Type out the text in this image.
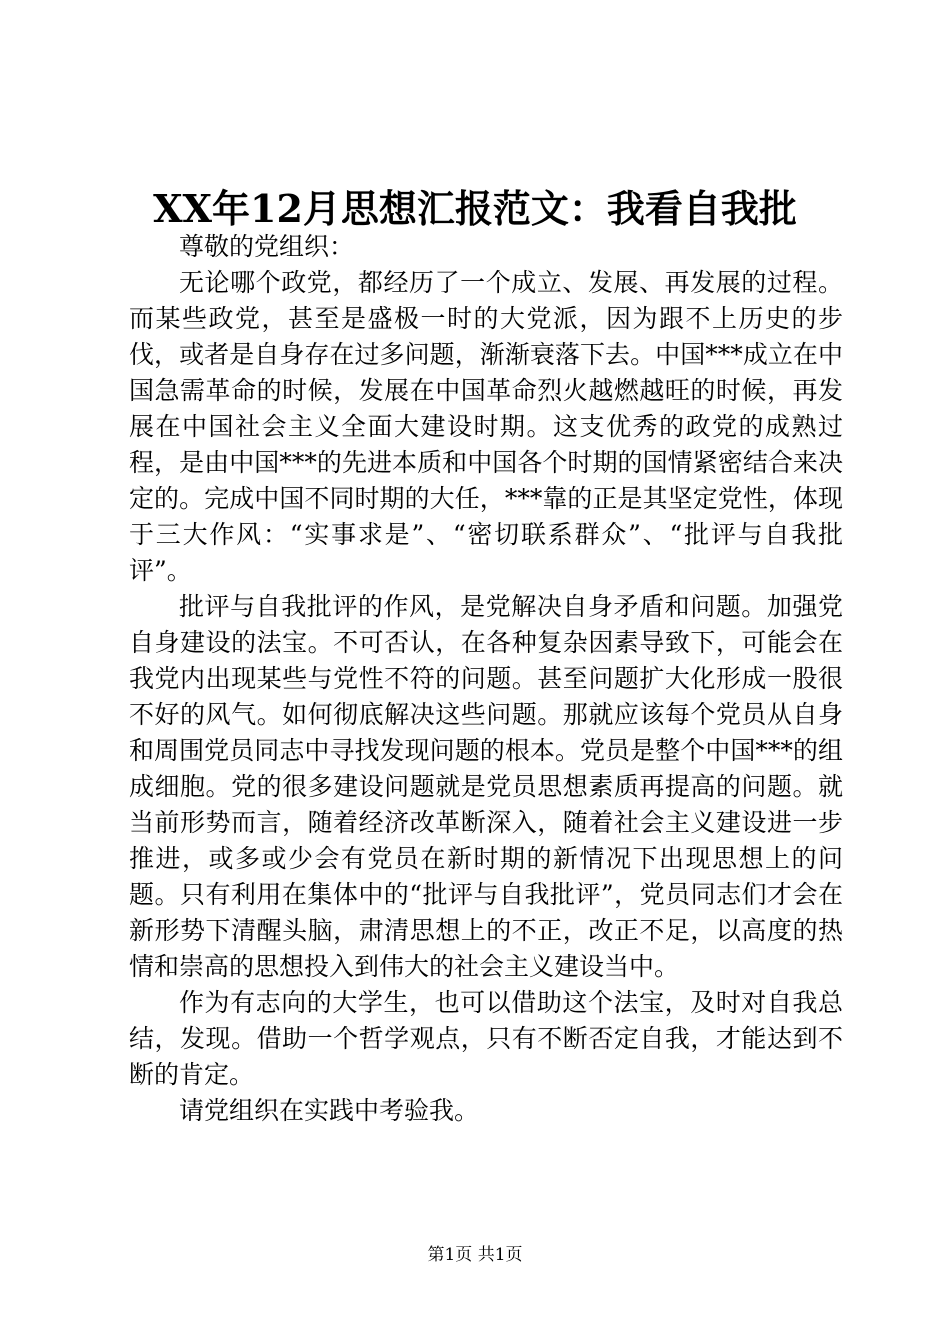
XX年12月思想汇报范文：我看自我批

尊敬的党组织：

无论哪个政党，都经历了一个成立、发展、再发展的过程。而某些政党，甚至是盛极一时的大党派，因为跟不上历史的步伐，或者是自身存在过多问题，渐渐衰落下去。中国***成立在中国急需革命的时候，发展在中国革命烈火越燃越旺的时候，再发展在中国社会主义全面大建设时期。这支优秀的政党的成熟过程，是由中国***的先进本质和中国各个时期的国情紧密结合来决定的。完成中国不同时期的大任，***靠的正是其坚定党性，体现于三大作风：“实事求是”、“密切联系群众”、“批评与自我批评”。

批评与自我批评的作风，是党解决自身矛盾和问题。加强党自身建设的法宝。不可否认，在各种复杂因素导致下，可能会在我党内出现某些与党性不符的问题。甚至问题扩大化形成一股很不好的风气。如何彻底解决这些问题。那就应该每个党员从自身和周围党员同志中寻找发现问题的根本。党员是整个中国***的组成细胞。党的很多建设问题就是党员思想素质再提高的问题。就当前形势而言，随着经济改革断深入，随着社会主义建设进一步推进，或多或少会有党员在新时期的新情况下出现思想上的问题。只有利用在集体中的“批评与自我批评”，党员同志们才会在新形势下清醒头脑，肃清思想上的不正，改正不足，以高度的热情和崇高的思想投入到伟大的社会主义建设当中。

作为有志向的大学生，也可以借助这个法宝，及时对自我总结，发现。借助一个哲学观点，只有不断否定自我，才能达到不断的肯定。

请党组织在实践中考验我。

第1页 共1页
